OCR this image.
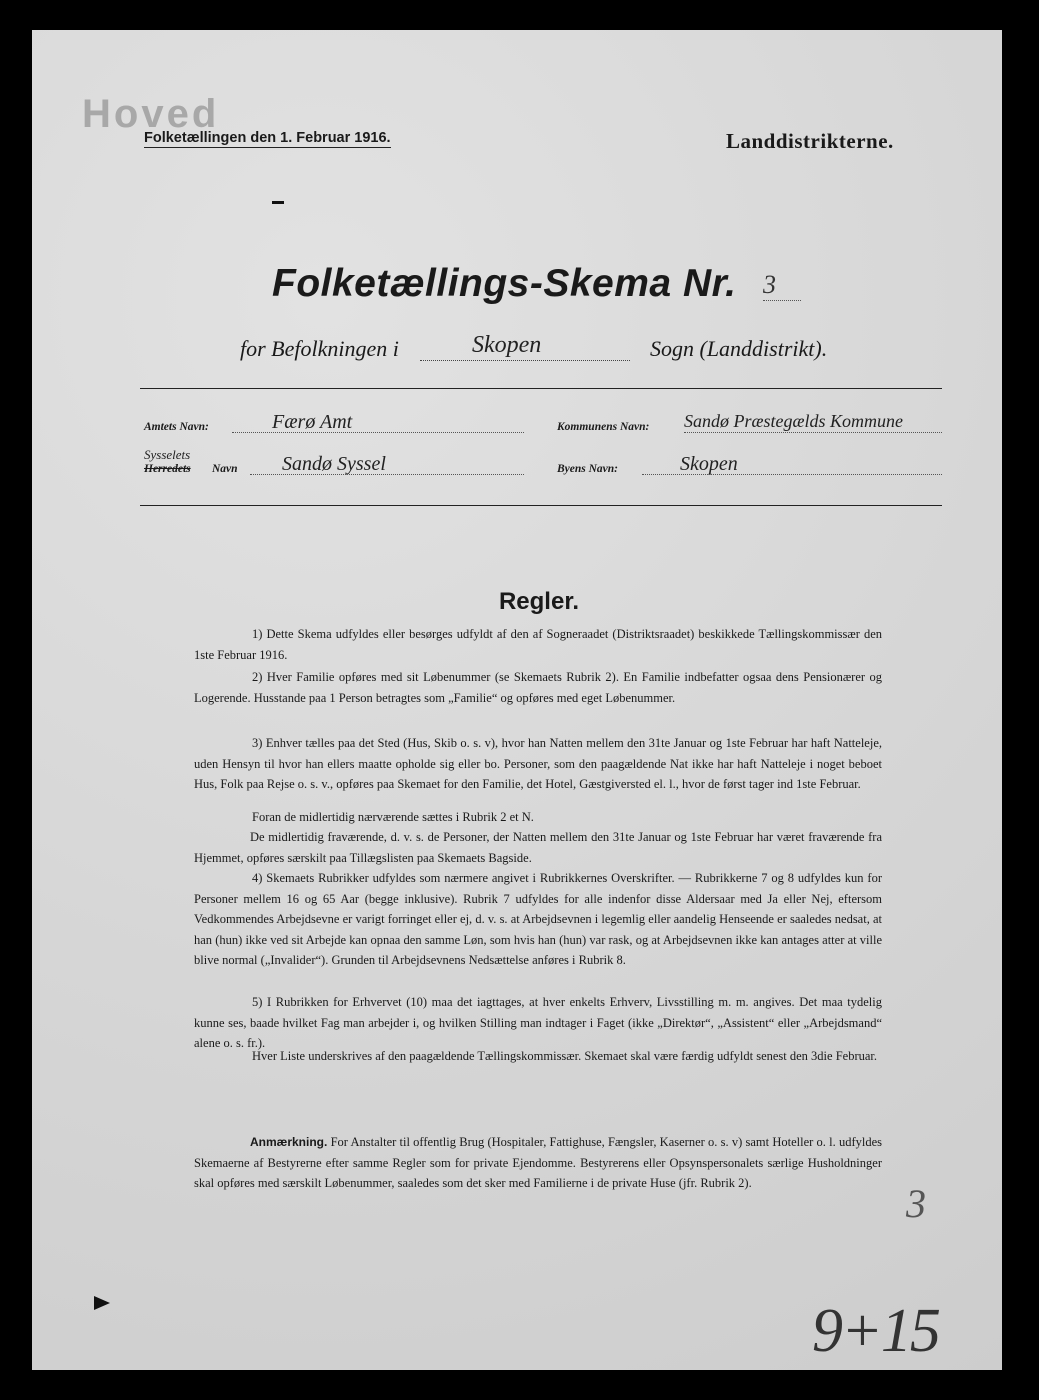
Hoved
Folketællingen den 1. Februar 1916.	Landdistrikterne.
Folketællings-Skema Nr. 3
for Befolkningen i	Skopen	Sogn (Landdistrikt).
Amtets Navn:	Færø Amt	Kommunens Navn: Sandø Præstegælds Kommune
Sysselets
Herredets Navn Sandø Syssel	Byens Navn:	Skopen
Regler.
1) Dette Skema udfyldes eller besørges udfyldt af den af Sogneraadet (Distriktsraadet) beskikkede Tællingskommissær den 1ste Februar 1916.
2) Hver Familie opføres med sit Løbenummer (se Skemaets Rubrik 2). En Familie indbefatter ogsaa dens Pensionærer og Logerende. Husstande paa 1 Person betragtes som „Familie“ og opføres med eget Løbenummer.
3) Enhver tælles paa det Sted (Hus, Skib o. s. v), hvor han Natten mellem den 31te Januar og 1ste Februar har haft Natteleje, uden Hensyn til hvor han ellers maatte opholde sig eller bo. Personer, som den paagældende Nat ikke har haft Natteleje i noget beboet Hus, Folk paa Rejse o. s. v., opføres paa Skemaet for den Familie, det Hotel, Gæstgiversted el. l., hvor de først tager ind 1ste Februar.
Foran de midlertidig nærværende sættes i Rubrik 2 et N.
De midlertidig fraværende, d. v. s. de Personer, der Natten mellem den 31te Januar og 1ste Februar har været fraværende fra Hjemmet, opføres særskilt paa Tillægslisten paa Skemaets Bagside.
4) Skemaets Rubrikker udfyldes som nærmere angivet i Rubrikkernes Overskrifter. — Rubrikkerne 7 og 8 udfyldes kun for Personer mellem 16 og 65 Aar (begge inklusive). Rubrik 7 udfyldes for alle indenfor disse Aldersaar med Ja eller Nej, eftersom Vedkommendes Arbejdsevne er varigt forringet eller ej, d. v. s. at Arbejdsevnen i legemlig eller aandelig Henseende er saaledes nedsat, at han (hun) ikke ved sit Arbejde kan opnaa den samme Løn, som hvis han (hun) var rask, og at Arbejdsevnen ikke kan antages atter at ville blive normal („Invalider“). Grunden til Arbejdsevnens Nedsættelse anføres i Rubrik 8.
5) I Rubrikken for Erhvervet (10) maa det iagttages, at hver enkelts Erhverv, Livsstilling m. m. angives. Det maa tydelig kunne ses, baade hvilket Fag man arbejder i, og hvilken Stilling man indtager i Faget (ikke „Direktør“, „Assistent“ eller „Arbejdsmand“ alene o. s. fr.).
Hver Liste underskrives af den paagældende Tællingskommissær. Skemaet skal være færdig udfyldt senest den 3die Februar.
Anmærkning. For Anstalter til offentlig Brug (Hospitaler, Fattighuse, Fængsler, Kaserner o. s. v) samt Hoteller o. l. udfyldes Skemaerne af Bestyrerne efter samme Regler som for private Ejendomme. Bestyrerens eller Opsynspersonalets særlige Husholdninger skal opføres med særskilt Løbenummer, saaledes som det sker med Familierne i de private Huse (jfr. Rubrik 2).	3
9+15
